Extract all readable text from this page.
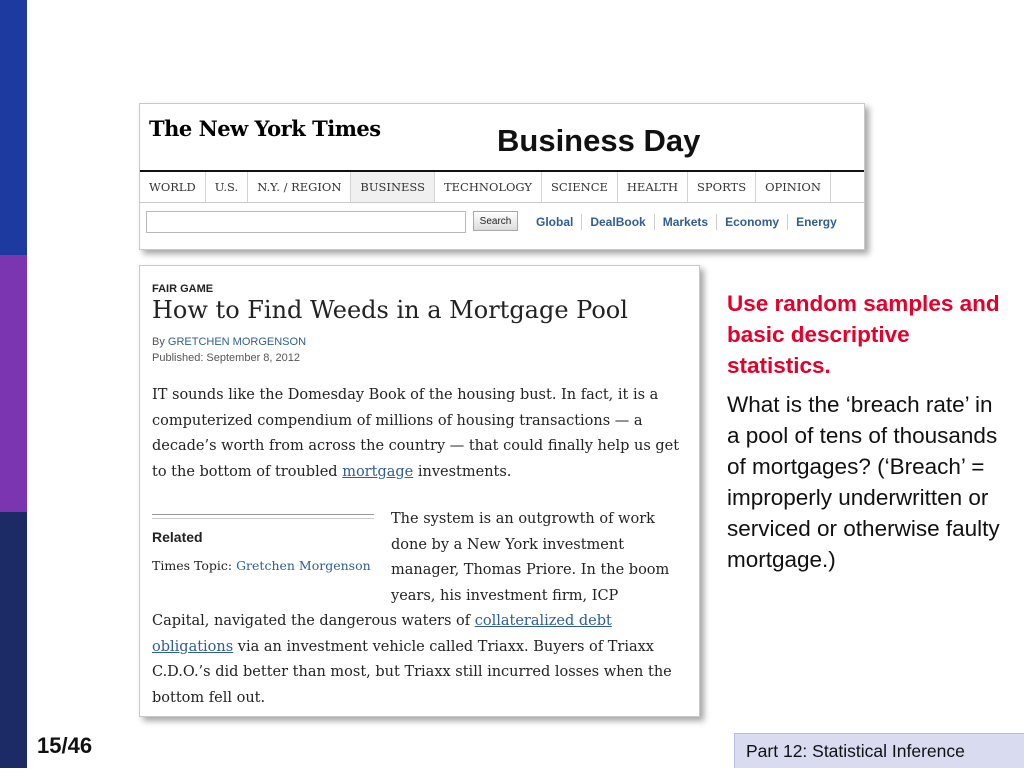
The New York Times	Business Day
WORLD	U.S.	N.Y. / REGION	BUSINESS	TECHNOLOGY	SCIENCE	HEALTH	SPORTS	OPINION
Search	Global	DealBook	Markets	Economy	Energy
FAIR GAME
How to Find Weeds in a Mortgage Pool
By GRETCHEN MORGENSON
Published: September 8, 2012
IT sounds like the Domesday Book of the housing bust. In fact, it is a computerized compendium of millions of housing transactions — a decade’s worth from across the country — that could finally help us get to the bottom of troubled mortgage investments.
Related
Times Topic: Gretchen Morgenson
The system is an outgrowth of work done by a New York investment manager, Thomas Priore. In the boom years, his investment firm, ICP
Capital, navigated the dangerous waters of collateralized debt obligations via an investment vehicle called Triaxx. Buyers of Triaxx C.D.O.’s did better than most, but Triaxx still incurred losses when the bottom fell out.
Use random samples and basic descriptive statistics.
What is the ‘breach rate’ in a pool of tens of thousands of mortgages? (‘Breach’ = improperly underwritten or serviced or otherwise faulty mortgage.)
15/46	Part 12: Statistical Inference
